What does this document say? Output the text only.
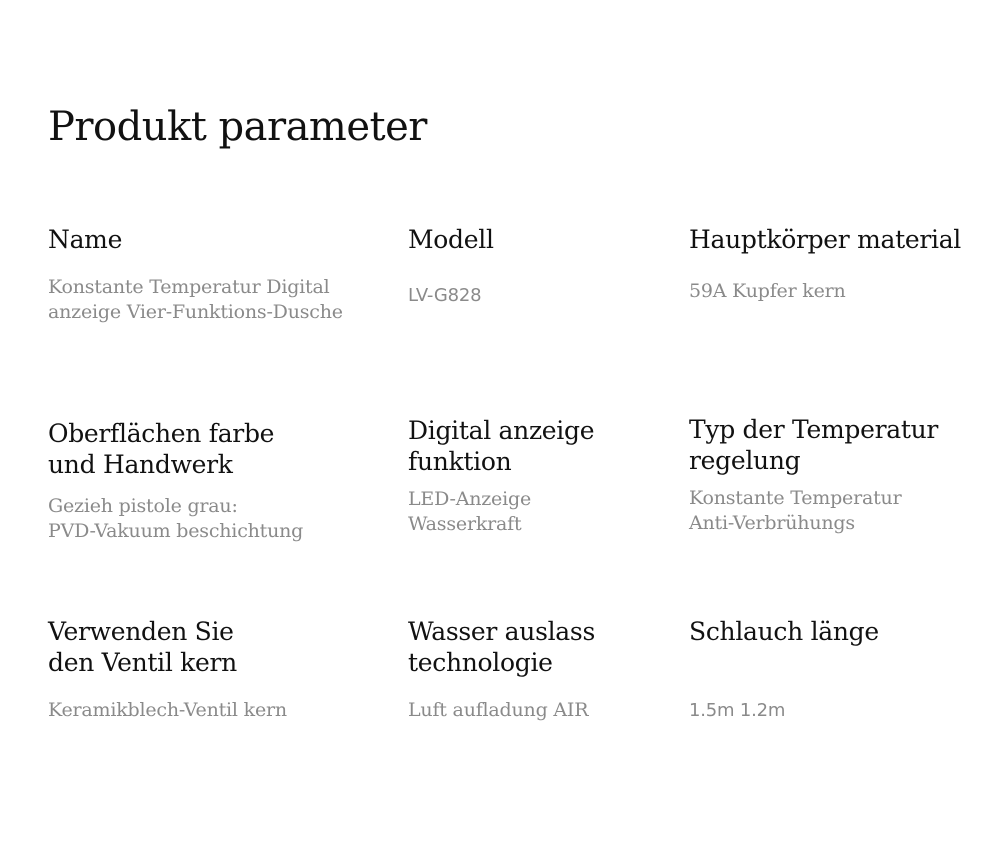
Produkt parameter
Name
Konstante Temperatur Digital
anzeige Vier-Funktions-Dusche
Modell
LV-G828
Hauptkörper material
59A Kupfer kern
Oberflächen farbe
und Handwerk
Gezieh pistole grau:
PVD-Vakuum beschichtung
Digital anzeige
funktion
LED-Anzeige
Wasserkraft
Typ der Temperatur
regelung
Konstante Temperatur
Anti-Verbrühungs
Verwenden Sie
den Ventil kern
Keramikblech-Ventil kern
Wasser auslass
technologie
Luft aufladung AIR
Schlauch länge
1.5m 1.2m
